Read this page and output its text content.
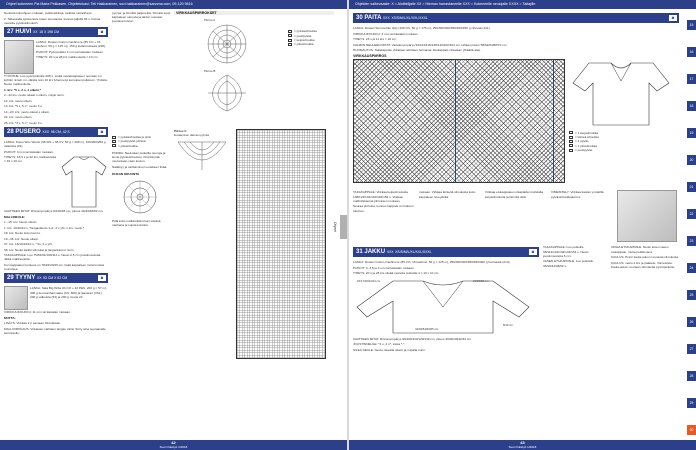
Ohjeet kokeneen Pia Marla Pekkasen. Ohjeitelokasi: Teli Hakkarainen, suvi.hakkarainen@sanoma.com, 09-120 5616

Neuletta lukuohjeen mukaan, puikkopikkuja, tarkista neuletiheys.

2. Takaosalla työskentele kuten etuosassa, kunnes jäljellä 36 s. Kokoa neuletta pylvässilmukoin.

27 HUIVI XX 18 X 198 CM	◙

LANKA: Rowan Cotton Cashmere (85 CO + 15 kashmir, 50 g = 125 m), 150 g kullanruskeaa (228).

PUIKOT: Pyöröpuikko 4 mm tai käsialan mukaan.

TIHEYS: 20 s ja 28 krs mallineuletta = 10 cm.

TYÖOHJE: Luo pyöröpuikolle 208 s. Lisää neulekappaleen reunaan s:n kohtiin. Ensin s:n välistä noin 10 krs lyhennetyt kerrokset puikkoon. Yhdistä. Neulo mallineuletta.

1. krs: *5 s, 2 o, 1 oikein *

2.–12.krs: neulo oikeat s oikein, nurjat nurin.

12. krs: neulo oikein.

13. krs: *5 s, 5 o*, neulo 3 o.

14.–20. krs: neulo oikeat s oikein.

24. krs: neulo oikein.

25. krs: *3 s, 5 o*, neulo 3 s.

28 PUSERO XXX 98 CM, 42 S	◙

LANKA: Kuisu Wox Woolo (38 WS + 38 CV, 50 g = 208 m), 100/200/250 g valkoista (01).

PUIKOT: 3 mm tai käsialan mukaan.

TIHEYS: 18,5 s ja 22 krs mallineuletta = 10 x 10 cm.

VAATTEEN MITAT: Rinnanympärys 8/100/95 cm, pituus 40/44/46/52 cm.

MALLINEULE:

1.–15. krs: Neulo oikein.

1. krs: 10/10/10 s, *langankierto 1+1, 2 s yht, 1 krs, neulo *

18. krs: Neulo koko kerros.

19.–36. krs: Neulo oikein.

37. krs: 16/10/10/10 s, * 6s, 2 o yht,

38. krs: Neulo kaikki silmukat ja langankierrot nurin.

TAKAKAPPALE: Luo 75/81/91/100/111 s. Neulo 2,5 cm joustinneuletta. Jatka mallineuletta.

Kun kappaleen korkeus on 78/22/23/26 cm, lisää kappaleen molemmissa reunoissa.

29 TYYNY XX 53 CM X 53 CM	◙

LANKA: Sala Big Wibe 94 CO + 10 PES, 200 g = 57 m), 400 g tummanharmaata (CS, 800) ja jaavaran (XSL), 200 g valkoista (53) ja 200 g musta 22.

VIRKKUUKOUKKU: 11 mm tai käsialan mukaan.

MUTTA:

LISÄYS: Virkkaa 2 p samaan silmukkaan.

MALLIVIRKKAUS: Virkataan vaihtaen langan väriä. Siirry aina seuraavalle kerrokselle.

pyrysa; ja kinnittä paljeneittä. Kiinnitä tuppi kappaleen sanovia ja taidon suoraan joustava kuvion

= pylvässilmukka ja piiris
= puolipylväs piirissä
= piilosilmukka

PORRA: Neulotaan puikoilla reunoja ja kuvia pylvässilmukoin. Kiinnitä pää neulontaan vaan kuvion.

Nääkkyy ja vaihtaminen uudelleen lisää.

KUKAN KRUUNTA

Pidä koko mallistollisimman sileänä nauhana ja sujuta kuvioita.

VIRKKAUSPIIRROKSET
Piirros A
Piirros B
= pylvässilmukka
= puolipylväs
= ketjusilmukka
= piilosilmukka
Piirros C
kuvaaminen ulkonen pyöreä
Ohjeet
42
Suuri Käsityö 1/2018
Ohjeiden vaikeusaste: X = Aloittelijalle XX = Hieman harrastaneelle XXX = Kokeneelle neulojalle XXXX = Taitajille
30 PAITA XXX XS/S/M/L/XL/XXL/XXXL	◙

LANKA: Rowan Summerlite 4ply (100 CO, 50 g = 175 m), 250/300/300/350/400/450 g vihreää (441).

VIRKKUUKOUKKU: 3 mm tai käsialan mukaan.

TIHEYS: 23 s ja 11 krs = 10 cm.

VALMIIN NEULEEN MITAT: Vartalonympärys 94/104/116/128/140/152/164 cm, lahkan pituus 58/62/64/68/70 cm.

HUOMAUTUS: Takakappale virkataan aloittaen helmasta. Etukappale virkataan ylhäältä alas.

VIRKKAUSPIIRROS
= 1 ketjusilmukka
= kiinteä silmukka
= 1 pylväs
= 1 piilosilmukka
= puolipylväs

TAKAKAPPALE: Virkkaa ketjusilmukoita 108/122/132/140/146/152 s. Virkkaa mallivirkkausta piirroksen mukaan.

Seuraa piirrosta, kunnes kappale on halutun pituinen.

mukaan. Virkkaa kiinteitä silmukoita koko kappaleen leveydeltä.

Virkkaa etukappaleen olkapäiden kohdalta ketjusilmukoita ja kiinnitä niitä.

VIMEISTELY: Virkkaa kaulan ympärille pylvässilmukkakerros.

31 JAKKU XXX XS/S/M/L/XL/XXL/XXXL	◙

LANKA: Rowan Cotton Cashmere (85 CO, 15 kashmir, 50 g = 125 m), 250/300/300/350/350/400 g harmaata (213).

PUIKOT: 3, 3,5 ja 4 mm tai käsialan mukaan.

TIHEYS: 20 s ja 28 krs sileää neuletta puikoilla 4 = 10 x 10 cm.

15/17/20/22/24 cm	24/26/28 cm
8/10 cm
44/49/54/60/65 cm

VAATTEEN MITAT: Rinnanympärys 90/100/110/120/130 cm, pituus 40/40/40/42/42 cm.

JOUSTINNEULE: *2 o, 2 n*, toista *-*.

SILEÄ NEULE: Neulo oikealla oikein ja nurjalla nurin.

TAKAKAPPALE: Luo puikoille 98/114/124/134/144/154 s. Neulo joustinneuletta 6 cm.

VASEN ETUKAPPALE: Luo puikoille 36/40/44/48/52 s.

OIKEA ETUKAPPALE: Neulo kuten vasen etukappale, mutta peilikuvana.

KAULUS: Poimi kaula-aukon reunasta silmukoita.

KAULUS: neulo 2 krs ja päättele. Viimeistele. Kaula-aukon reunaan silmukoita pyöröpuikolle.

15
16
17
18
19
20
21
22
23
24
25
26
27
28
29
30
43
Suuri Käsityö 1/2018
